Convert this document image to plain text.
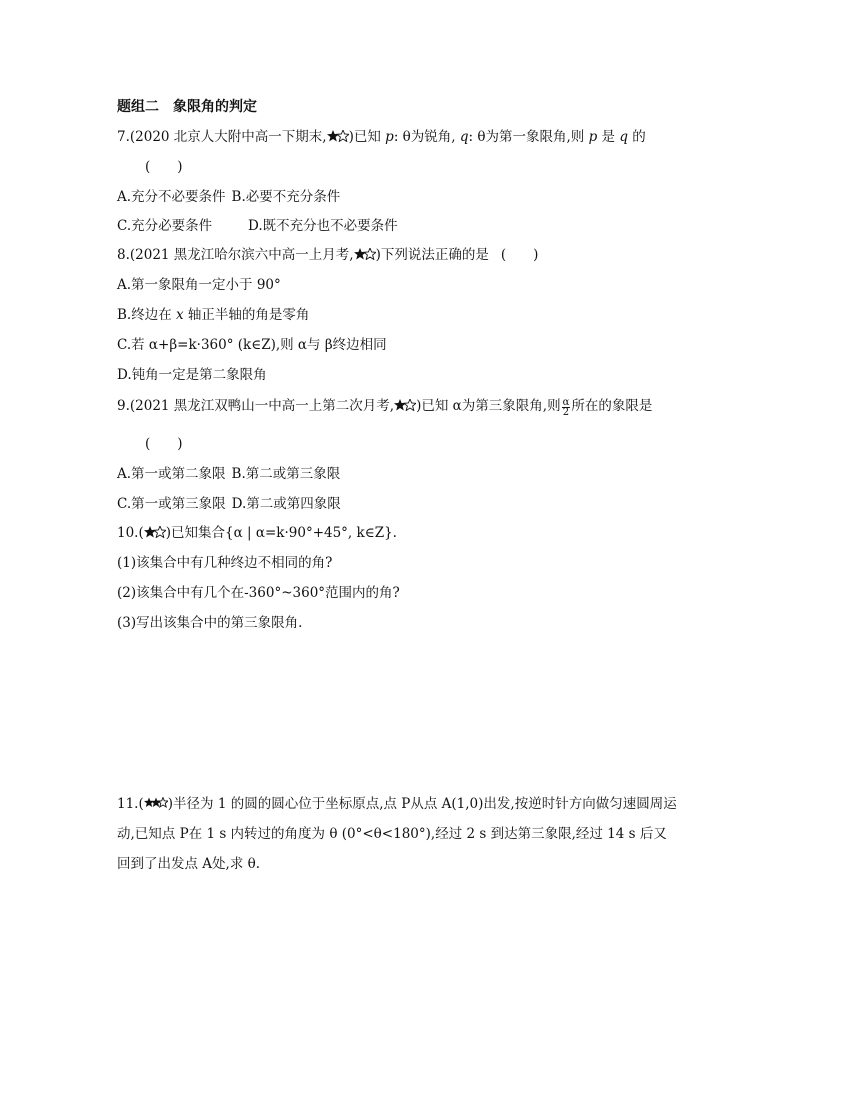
题组二　象限角的判定
7.(2020 北京人大附中高一下期末, )已知 p: θ为锐角, q: θ为第一象限角,则 p 是 q 的
(　　)
A.充分不必要条件 B.必要不充分条件
C.充分必要条件	D.既不充分也不必要条件
8.(2021 黑龙江哈尔滨六中高一上月考, )下列说法正确的是 (　　)
A.第一象限角一定小于 90°
B.终边在 x 轴正半轴的角是零角
C.若 α+β=k·360° (k∈Z),则 α与 β终边相同
D.钝角一定是第二象限角
9.(2021 黑龙江双鸭山一中高一上第二次月考, )已知 α为第三象限角,则 $\frac{\alpha}{2}$ 所在的象限是
(　　)
A.第一或第二象限 B.第二或第三象限
C.第一或第三象限 D.第二或第四象限
10.( )已知集合{α | α=k·90°+45°, k∈Z}.
(1)该集合中有几种终边不相同的角?
(2)该集合中有几个在-360°~360°范围内的角?
(3)写出该集合中的第三象限角.
11.( )半径为 1 的圆的圆心位于坐标原点,点 P从点 A(1,0)出发,按逆时针方向做匀速圆周运
动,已知点 P在 1 s 内转过的角度为 θ (0°<θ<180°),经过 2 s 到达第三象限,经过 14 s 后又
回到了出发点 A处,求 θ.
